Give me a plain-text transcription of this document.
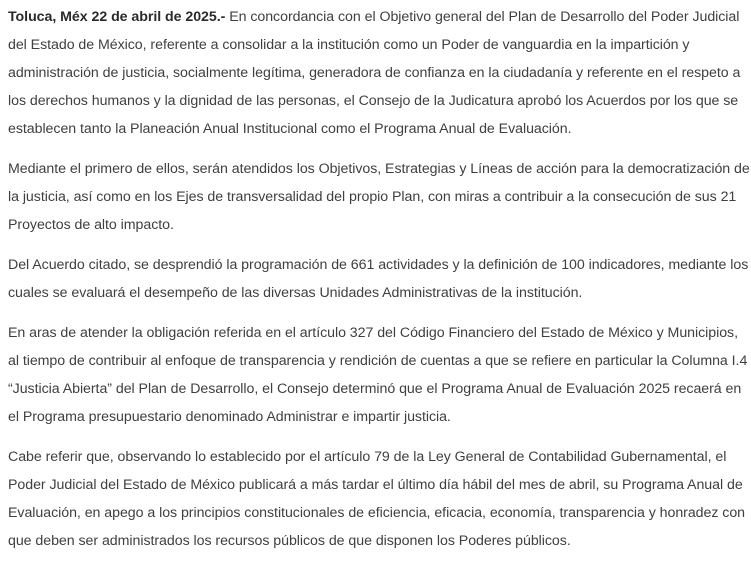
Toluca, Méx 22 de abril de 2025.- En concordancia con el Objetivo general del Plan de Desarrollo del Poder Judicial del Estado de México, referente a consolidar a la institución como un Poder de vanguardia en la impartición y administración de justicia, socialmente legítima, generadora de confianza en la ciudadanía y referente en el respeto a los derechos humanos y la dignidad de las personas, el Consejo de la Judicatura aprobó los Acuerdos por los que se establecen tanto la Planeación Anual Institucional como el Programa Anual de Evaluación.

Mediante el primero de ellos, serán atendidos los Objetivos, Estrategias y Líneas de acción para la democratización de la justicia, así como en los Ejes de transversalidad del propio Plan, con miras a contribuir a la consecución de sus 21 Proyectos de alto impacto.

Del Acuerdo citado, se desprendió la programación de 661 actividades y la definición de 100 indicadores, mediante los cuales se evaluará el desempeño de las diversas Unidades Administrativas de la institución.

En aras de atender la obligación referida en el artículo 327 del Código Financiero del Estado de México y Municipios, al tiempo de contribuir al enfoque de transparencia y rendición de cuentas a que se refiere en particular la Columna I.4 “Justicia Abierta” del Plan de Desarrollo, el Consejo determinó que el Programa Anual de Evaluación 2025 recaerá en el Programa presupuestario denominado Administrar e impartir justicia.

Cabe referir que, observando lo establecido por el artículo 79 de la Ley General de Contabilidad Gubernamental, el Poder Judicial del Estado de México publicará a más tardar el último día hábil del mes de abril, su Programa Anual de Evaluación, en apego a los principios constitucionales de eficiencia, eficacia, economía, transparencia y honradez con que deben ser administrados los recursos públicos de que disponen los Poderes públicos.
